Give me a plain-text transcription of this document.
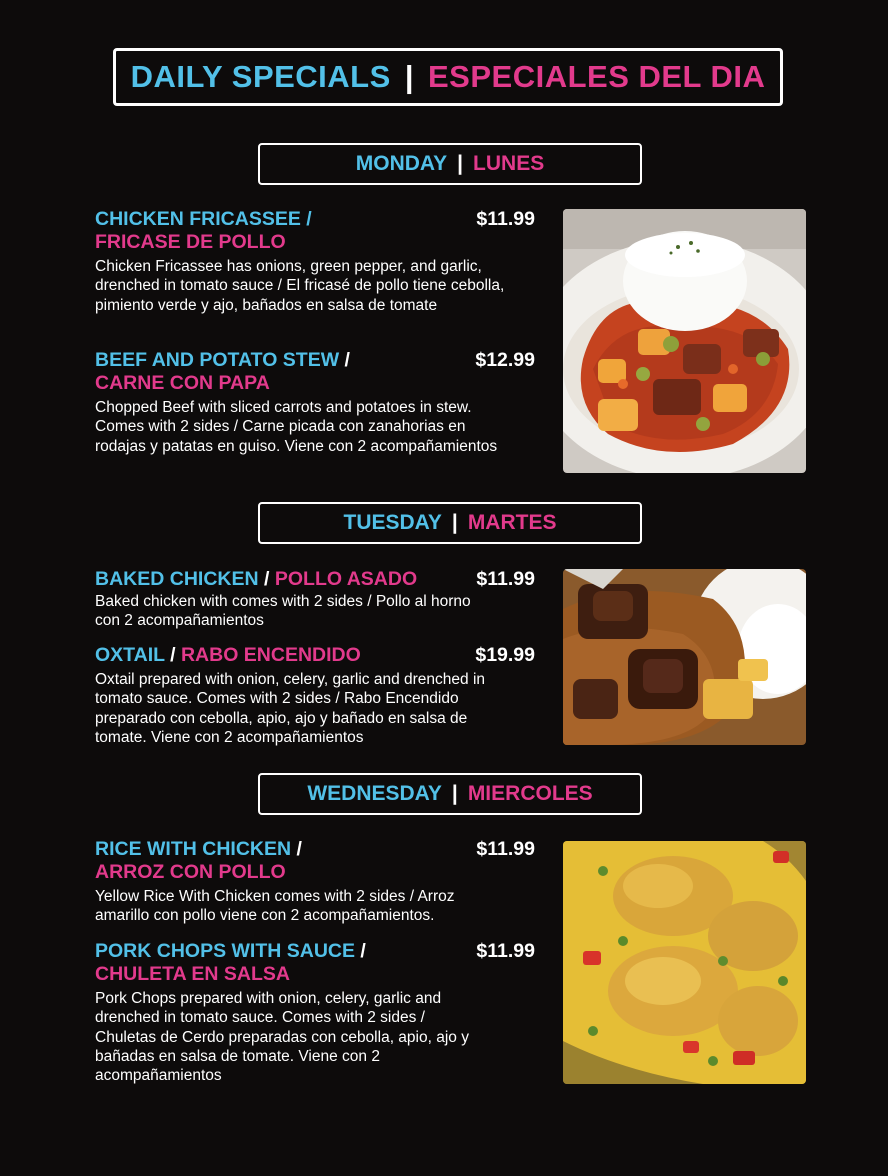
DAILY SPECIALS | ESPECIALES DEL DIA
MONDAY | LUNES
CHICKEN FRICASSEE /
FRICASE DE POLLO
$11.99
Chicken Fricassee has onions, green pepper, and garlic, drenched in tomato sauce / El fricasé de pollo tiene cebolla, pimiento verde y ajo, bañados en salsa de tomate
BEEF AND POTATO STEW /
CARNE CON PAPA
$12.99
Chopped Beef with sliced carrots and potatoes in stew. Comes with 2 sides / Carne picada con zanahorias en rodajas y patatas en guiso. Viene con 2 acompañamientos
TUESDAY | MARTES
BAKED CHICKEN / POLLO ASADO	$11.99
Baked chicken with comes with 2 sides / Pollo al horno con 2 acompañamientos
OXTAIL / RABO ENCENDIDO	$19.99
Oxtail prepared with onion, celery, garlic and drenched in tomato sauce. Comes with 2 sides / Rabo Encendido preparado con cebolla, apio, ajo y bañado en salsa de tomate. Viene con 2 acompañamientos
WEDNESDAY | MIERCOLES
RICE WITH CHICKEN /
ARROZ CON POLLO
$11.99
Yellow Rice With Chicken comes with 2 sides / Arroz amarillo con pollo viene con 2 acompañamientos.
PORK CHOPS WITH SAUCE /
CHULETA EN SALSA
$11.99
Pork Chops prepared with onion, celery, garlic and drenched in tomato sauce. Comes with 2 sides / Chuletas de Cerdo preparadas con cebolla, apio, ajo y bañadas en salsa de tomate. Viene con 2 acompañamientos
